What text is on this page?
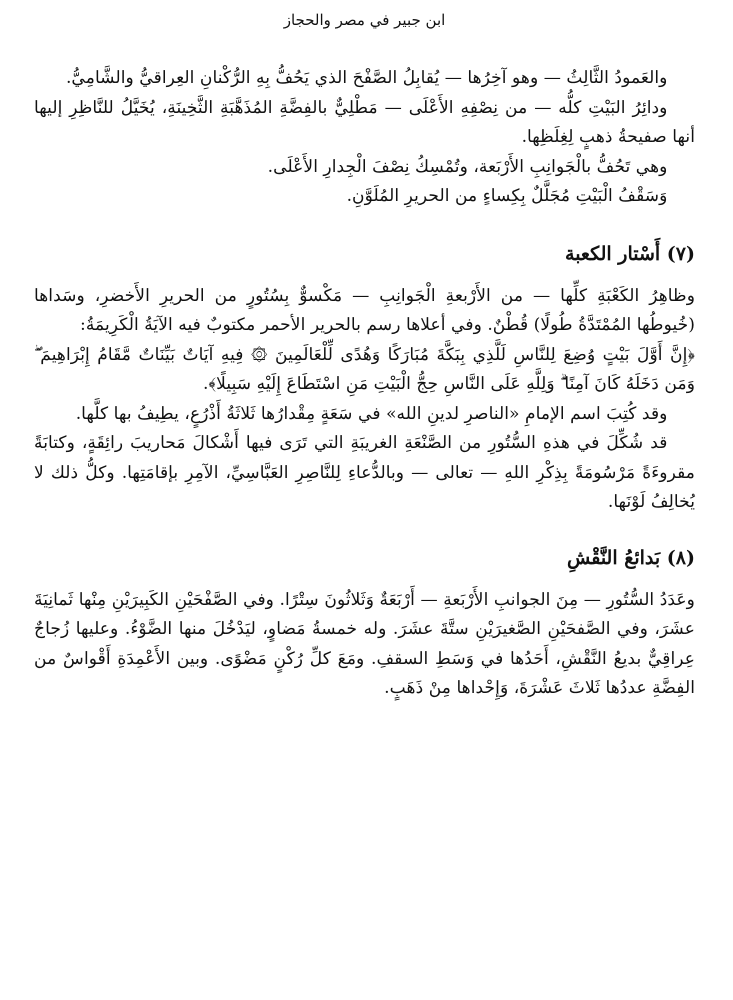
ابن جبير في مصر والحجاز

والعَمودُ الثَّالِثُ — وهو آخِرُها — يُقابِلُ الصَّفْحَ الذي يَحُفُّ بِهِ الرُّكْنانِ العِراقيُّ والشَّامِيُّ.

ودائِرُ البَيْتِ كلُّه — من نِصْفِهِ الأَعْلَى — مَطْلِيٌّ بالفِضَّةِ المُذَهَّبَةِ الثَّخِينَةِ، يُخَيَّلُ للنَّاظِرِ إليها أنها صفيحةُ ذهبٍ لِغِلَظِها.

وهي تَحُفُّ بالْجَوانِبِ الأَرْبَعة، وتُمْسِكُ نِصْفَ الْجِدارِ الأَعْلَى.

وَسَقْفُ الْبَيْتِ مُجَلَّلٌ بِكِساءٍ من الحريرِ المُلَوَّنِ.

(٧) أَسْتار الكعبة

وظاهِرُ الكَعْبَةِ كلِّها — من الأَرْبعةِ الْجَوانِبِ — مَكْسوٌّ بِسُتُورٍ من الحريرِ الأَخضرِ، وسَداها (خُيوطُها المُمْتَدَّةُ طُولًا) قُطْنٌ. وفي أعلاها رسم بالحرير الأحمر مكتوبٌ فيه الآيَةُ الْكَرِيمَةُ:

﴿إِنَّ أَوَّلَ بَيْتٍ وُضِعَ لِلنَّاسِ لَلَّذِي بِبَكَّةَ مُبَارَكًا وَهُدًى لِّلْعَالَمِينَ ۞ فِيهِ آيَاتٌ بَيِّنَاتٌ مَّقَامُ إِبْرَاهِيمَ ۖ وَمَن دَخَلَهُ كَانَ آمِنًا ۗ وَلِلَّهِ عَلَى النَّاسِ حِجُّ الْبَيْتِ مَنِ اسْتَطَاعَ إِلَيْهِ سَبِيلًا﴾.

وقد كُتِبَ اسم الإمامِ «الناصرِ لدينِ الله» في سَعَةٍ مِقْدارُها ثَلاثَةُ أَذْرُعٍ، يطِيفُ بها كلَّها.

قد شُكِّلَ في هذهِ السُّتُورِ من الصَّنْعَةِ الغريبَةِ التي تَرَى فيها أَشْكالَ مَحاريبَ رائِقَةٍ، وكتابَةً مقروءَةً مَرْسُومَةً بِذِكْرِ اللهِ — تعالى — وبالدُّعاءِ لِلنَّاصِرِ العَبَّاسِيِّ، الآمِرِ بإقامَتِها. وكلُّ ذلك لا يُخالِفُ لَوْنَها.

(٨) بَدائعُ النَّقْشِ

وعَدَدُ السُّتُورِ — مِنَ الجوانبِ الأَرْبَعةِ — أَرْبَعَةٌ وَثَلاثُونَ سِتْرًا. وفي الصَّفْحَيْنِ الكَبِيرَيْنِ مِنْها ثَمانِيَةَ عشَرَ، وفي الصَّفحَيْنِ الصَّغيرَيْنِ ستَّةَ عشَرَ. وله خمسةُ مَضاوٍ، ليَدْخُلَ منها الضَّوْءُ. وعليها زُجاجٌ عِراقِيٌّ بديعُ النَّقْشِ، أَحَدُها في وَسَطِ السقفِ. ومَعَ كلِّ رُكْنٍ مَضْوًى. وبين الأَعْمِدَةِ أَقْواسٌ من الفِضَّةِ عددُها ثَلاثَ عَشْرَةَ، وَإِحْداها مِنْ ذَهَبٍ.
